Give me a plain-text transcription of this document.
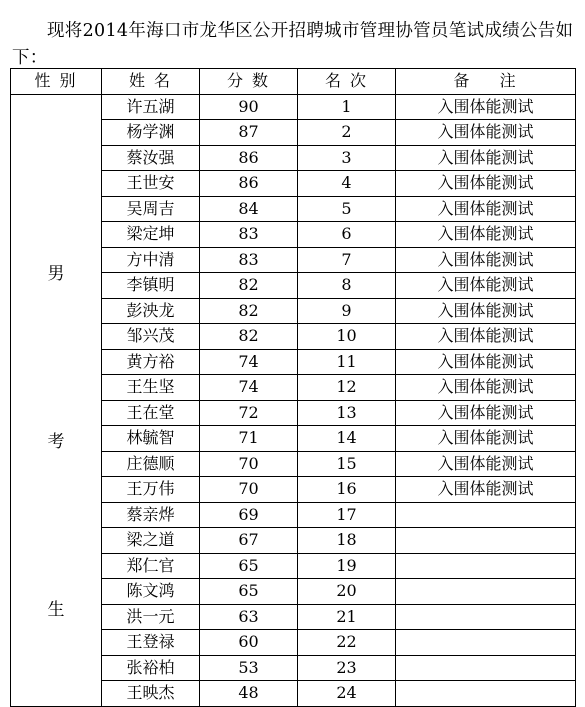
现将2014年海口市龙华区公开招聘城市管理协管员笔试成绩公告如下：

性 别	姓 名	分 数	名 次	备    注

男
考
生	许五湖	90	1	入围体能测试
	杨学渊	87	2	入围体能测试
	蔡汝强	86	3	入围体能测试
	王世安	86	4	入围体能测试
	吴周吉	84	5	入围体能测试
	梁定坤	83	6	入围体能测试
	方中清	83	7	入围体能测试
	李镇明	82	8	入围体能测试
	彭泱龙	82	9	入围体能测试
	邹兴茂	82	10	入围体能测试
	黄方裕	74	11	入围体能测试
	王生坚	74	12	入围体能测试
	王在堂	72	13	入围体能测试
	林毓智	71	14	入围体能测试
	庄德顺	70	15	入围体能测试
	王万伟	70	16	入围体能测试
	蔡亲烨	69	17	
	梁之道	67	18	
	郑仁官	65	19	
	陈文鸿	65	20	
	洪一元	63	21	
	王登禄	60	22	
	张裕柏	53	23	
	王映杰	48	24	
